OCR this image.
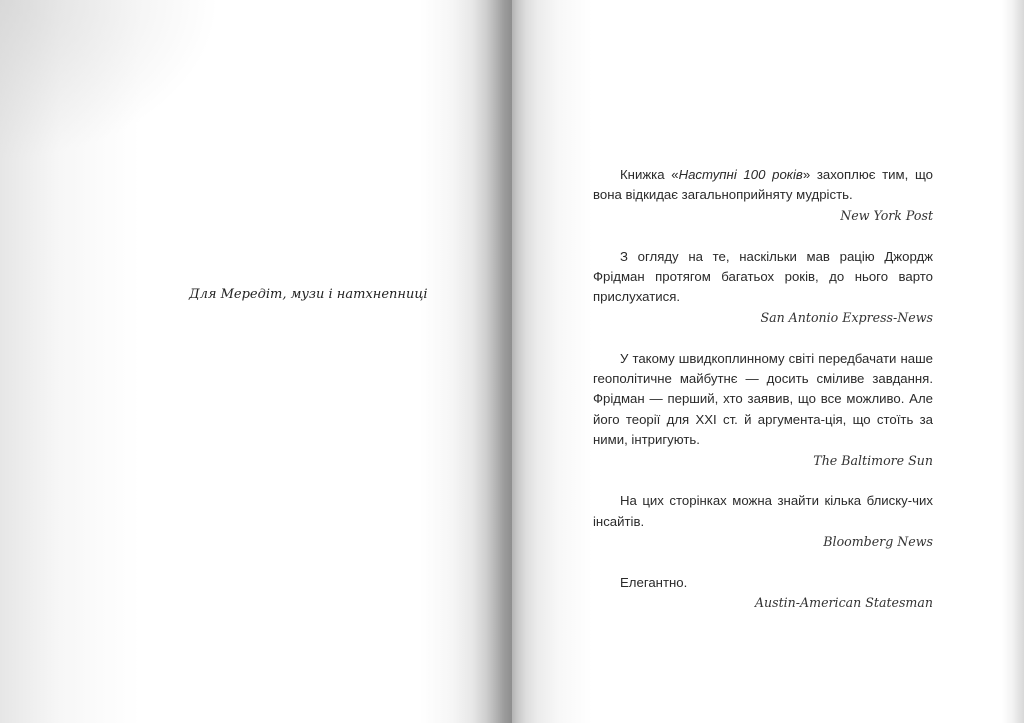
Для Мередіт, музи і натхнenниці

Книжка «Наступні 100 років» захоплює тим, що вона відкидає загальноприйняту мудрість.

New York Post

З огляду на те, наскільки мав рацію Джордж Фрідман протягом багатьох років, до нього варто прислухатися.

San Antonio Express-News

У такому швидкоплинному світі передбачати наше геополітичне майбутнє — досить сміливе завдання. Фрідман — перший, хто заявив, що все можливо. Але його теорії для XXI ст. й аргумента-ція, що стоїть за ними, інтригують.

The Baltimore Sun

На цих сторінках можна знайти кілька блиску-чих інсайтів.

Bloomberg News

Елегантно.

Austin-American Statesman
